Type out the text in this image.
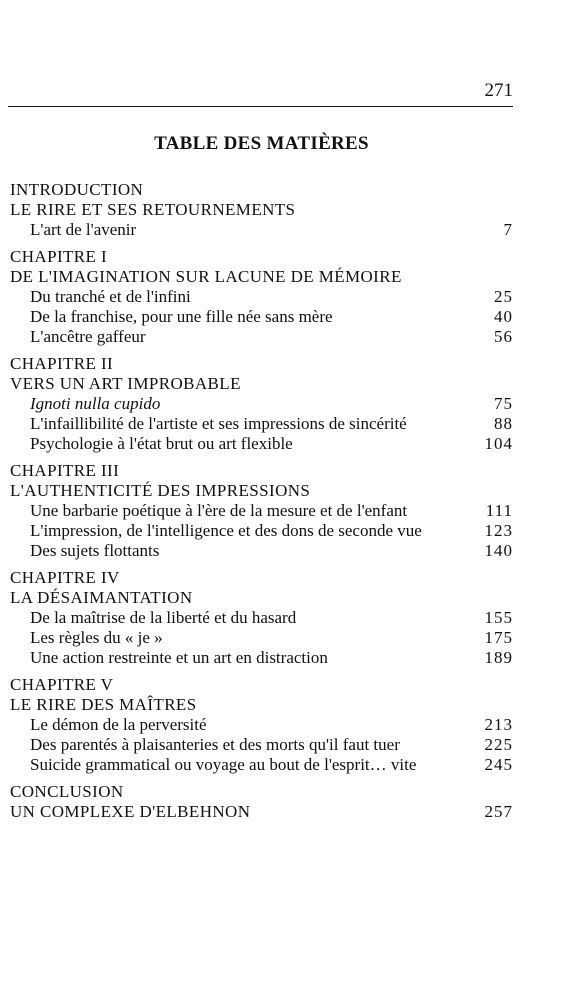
271
TABLE DES MATIÈRES
INTRODUCTION
LE RIRE ET SES RETOURNEMENTS
L'art de l'avenir	7
CHAPITRE I
DE L'IMAGINATION SUR LACUNE DE MÉMOIRE
Du tranché et de l'infini	25
De la franchise, pour une fille née sans mère	40
L'ancêtre gaffeur	56
CHAPITRE II
VERS UN ART IMPROBABLE
Ignoti nulla cupido	75
L'infaillibilité de l'artiste et ses impressions de sincérité	88
Psychologie à l'état brut ou art flexible	104
CHAPITRE III
L'AUTHENTICITÉ DES IMPRESSIONS
Une barbarie poétique à l'ère de la mesure et de l'enfant	111
L'impression, de l'intelligence et des dons de seconde vue	123
Des sujets flottants	140
CHAPITRE IV
LA DÉSAIMANTATION
De la maîtrise de la liberté et du hasard	155
Les règles du « je »	175
Une action restreinte et un art en distraction	189
CHAPITRE V
LE RIRE DES MAÎTRES
Le démon de la perversité	213
Des parentés à plaisanteries et des morts qu'il faut tuer	225
Suicide grammatical ou voyage au bout de l'esprit… vite	245
CONCLUSION
UN COMPLEXE D'ELBEHNON	257
